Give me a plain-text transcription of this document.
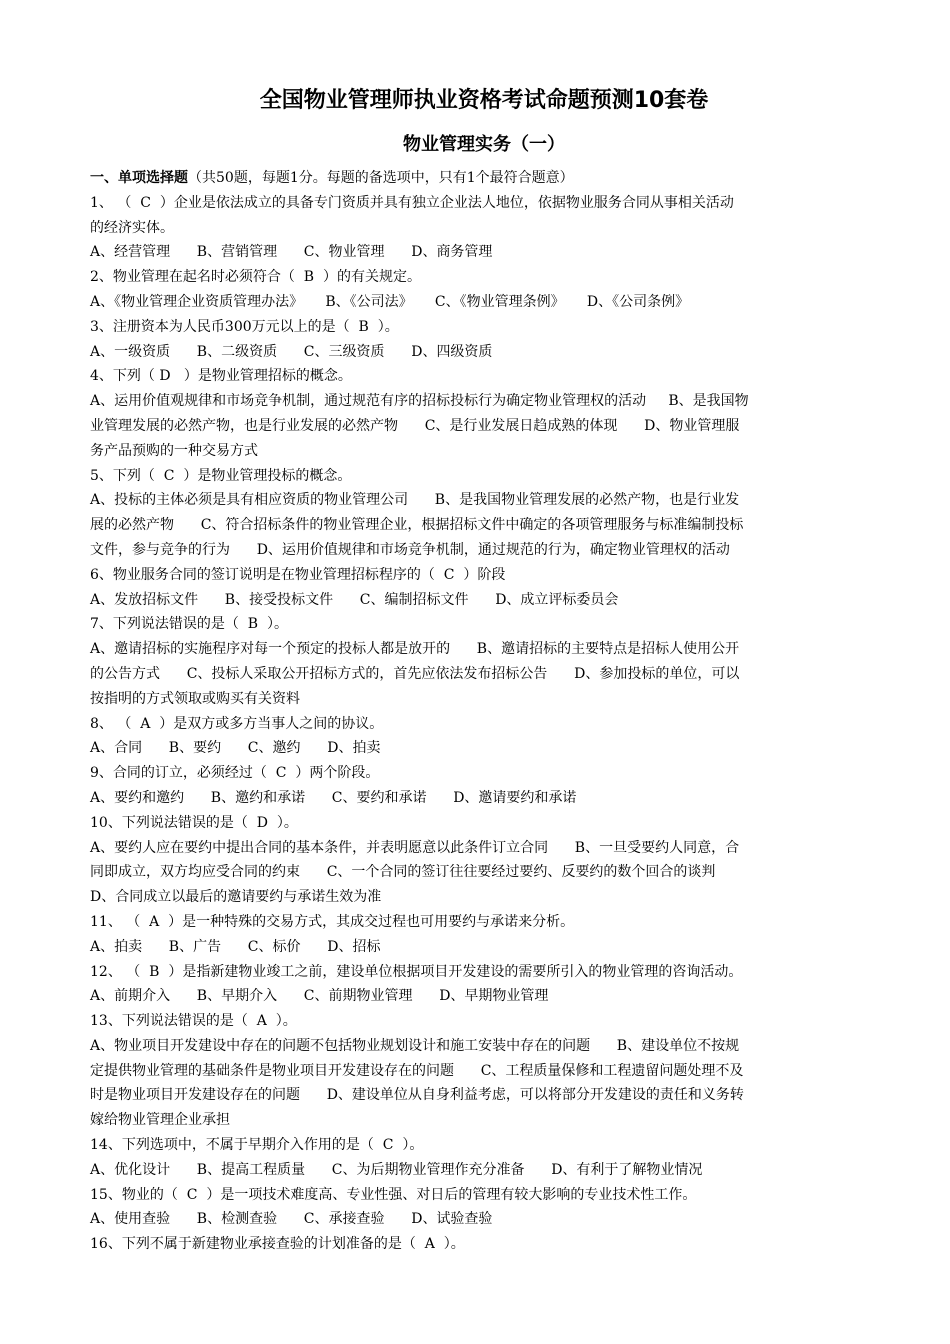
全国物业管理师执业资格考试命题预测10套卷
物业管理实务（一）

一、单项选择题（共50题，每题1分。每题的备选项中，只有1个最符合题意）

1、 （  C  ）企业是依法成立的具备专门资质并具有独立企业法人地位，依据物业服务合同从事相关活动

的经济实体。

A、经营管理      B、营销管理      C、物业管理      D、商务管理

2、物业管理在起名时必须符合（  B  ）的有关规定。

A、《物业管理企业资质管理办法》     B、《公司法》     C、《物业管理条例》     D、《公司条例》

3、注册资本为人民币300万元以上的是（  B  ）。

A、一级资质      B、二级资质      C、三级资质      D、四级资质

4、下列（ D   ）是物业管理招标的概念。

A、运用价值观规律和市场竞争机制，通过规范有序的招标投标行为确定物业管理权的活动     B、是我国物

业管理发展的必然产物，也是行业发展的必然产物      C、是行业发展日趋成熟的体现      D、物业管理服

务产品预购的一种交易方式

5、下列（  C  ）是物业管理投标的概念。

A、投标的主体必须是具有相应资质的物业管理公司      B、是我国物业管理发展的必然产物，也是行业发

展的必然产物      C、符合招标条件的物业管理企业，根据招标文件中确定的各项管理服务与标准编制投标

文件，参与竞争的行为      D、运用价值规律和市场竞争机制，通过规范的行为，确定物业管理权的活动

6、物业服务合同的签订说明是在物业管理招标程序的（  C  ）阶段

A、发放招标文件      B、接受投标文件      C、编制招标文件      D、成立评标委员会

7、下列说法错误的是（  B  ）。

A、邀请招标的实施程序对每一个预定的投标人都是放开的      B、邀请招标的主要特点是招标人使用公开

的公告方式      C、投标人采取公开招标方式的，首先应依法发布招标公告      D、参加投标的单位，可以

按指明的方式领取或购买有关资料

8、 （  A  ）是双方或多方当事人之间的协议。

A、合同      B、要约      C、邀约      D、拍卖

9、合同的订立，必须经过（  C  ）两个阶段。

A、要约和邀约      B、邀约和承诺      C、要约和承诺      D、邀请要约和承诺

10、下列说法错误的是（  D  ）。

A、要约人应在要约中提出合同的基本条件，并表明愿意以此条件订立合同      B、一旦受要约人同意，合

同即成立，双方均应受合同的约束      C、一个合同的签订往往要经过要约、反要约的数个回合的谈判

D、合同成立以最后的邀请要约与承诺生效为准

11、 （  A  ）是一种特殊的交易方式，其成交过程也可用要约与承诺来分析。

A、拍卖      B、广告      C、标价      D、招标

12、 （  B  ）是指新建物业竣工之前，建设单位根据项目开发建设的需要所引入的物业管理的咨询活动。

A、前期介入      B、早期介入      C、前期物业管理      D、早期物业管理

13、下列说法错误的是（  A  ）。

A、物业项目开发建设中存在的问题不包括物业规划设计和施工安装中存在的问题      B、建设单位不按规

定提供物业管理的基础条件是物业项目开发建设存在的问题      C、工程质量保修和工程遗留问题处理不及

时是物业项目开发建设存在的问题      D、建设单位从自身利益考虑，可以将部分开发建设的责任和义务转

嫁给物业管理企业承担

14、下列选项中，不属于早期介入作用的是（  C  ）。

A、优化设计      B、提高工程质量      C、为后期物业管理作充分准备      D、有利于了解物业情况

15、物业的（  C  ）是一项技术难度高、专业性强、对日后的管理有较大影响的专业技术性工作。

A、使用查验      B、检测查验      C、承接查验      D、试验查验

16、下列不属于新建物业承接查验的计划准备的是（  A  ）。
